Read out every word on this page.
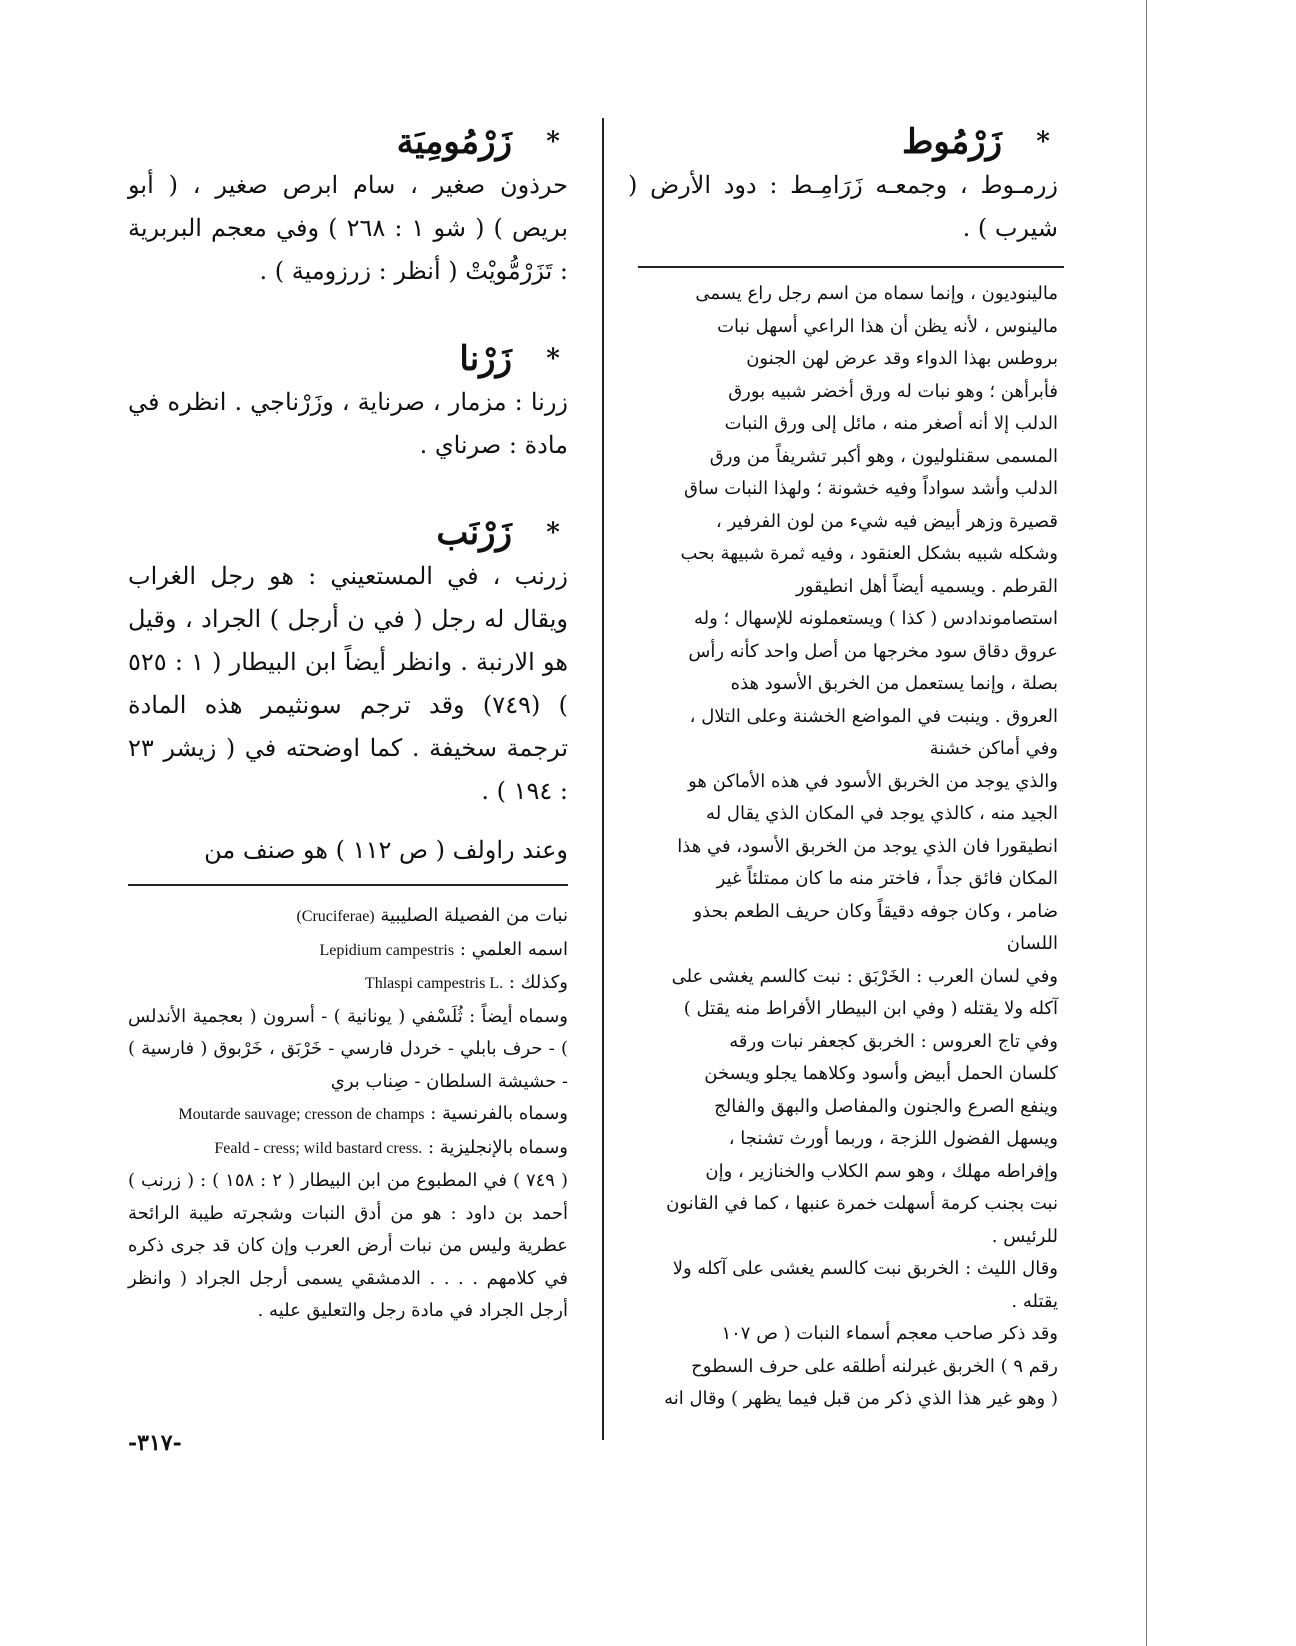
*
زَرْمُوط

زرمـوط ، وجمعـه زَرَامِـط : دود الأرض ( شيرب ) .

مالينوديون ، وإنما سماه من اسم رجل راع يسمى

مالينوس ، لأنه يظن أن هذا الراعي أسهل نبات

بروطس بهذا الدواء وقد عرض لهن الجنون

فأبرأهن ؛ وهو نبات له ورق أخضر شبيه بورق

الدلب إلا أنه أصغر منه ، مائل إلى ورق النبات

المسمى سقنلوليون ، وهو أكبر تشريفاً من ورق

الدلب وأشد سواداً وفيه خشونة ؛ ولهذا النبات ساق

قصيرة وزهر أبيض فيه شيء من لون الفرفير ،

وشكله شبيه بشكل العنقود ، وفيه ثمرة شبيهة بحب

القرطم . ويسميه أيضاً أهل انطيقور

استصاموندادس ( كذا ) ويستعملونه للإسهال ؛ وله

عروق دقاق سود مخرجها من أصل واحد كأنه رأس

بصلة ، وإنما يستعمل من الخربق الأسود هذه

العروق . وينبت في المواضع الخشنة وعلى التلال ،

وفي أماكن خشنة

والذي يوجد من الخربق الأسود في هذه الأماكن هو

الجيد منه ، كالذي يوجد في المكان الذي يقال له

انطيقورا فان الذي يوجد من الخربق الأسود، في هذا

المكان فائق جداً ، فاختر منه ما كان ممتلئاً غير

ضامر ، وكان جوفه دقيقاً وكان حريف الطعم بحذو

اللسان

وفي لسان العرب : الخَرْبَق : نبت كالسم يغشى على

آكله ولا يقتله ( وفي ابن البيطار الأفراط منه يقتل )

وفي تاج العروس : الخربق كجعفر نبات ورقه

كلسان الحمل أبيض وأسود وكلاهما يجلو ويسخن

وينفع الصرع والجنون والمفاصل والبهق والفالج

ويسهل الفضول اللزجة ، وربما أورث تشنجا ،

وإفراطه مهلك ، وهو سم الكلاب والخنازير ، وإن

نبت بجنب كرمة أسهلت خمرة عنبها ، كما في القانون

للرئيس .

وقال الليث : الخربق نبت كالسم يغشى على آكله ولا

يقتله .

وقد ذكر صاحب معجم أسماء النبات ( ص ١٠٧

رقم ٩ ) الخربق غبرلنه أطلقه على حرف السطوح

( وهو غير هذا الذي ذكر من قبل فيما يظهر ) وقال انه

*
زَرْمُومِيَة

حرذون صغير ، سام ابرص صغير ، ( أبو بريص ) ( شو ١ : ٢٦٨ ) وفي معجم البربرية : تَزَرْمُّويْتْ ( أنظر : زرزومية ) .

*
زَرْنا

زرنا : مزمار ، صرناية ، وزَرْناجي . انظره في مادة : صرناي .

*
زَرْنَب

زرنب ، في المستعيني : هو رجل الغراب ويقال له رجل ( في ن أرجل ) الجراد ، وقيل هو الارنبة . وانظر أيضاً ابن البيطار ( ١ : ٥٢٥ ) (٧٤٩) وقد ترجم سونثيمر هذه المادة ترجمة سخيفة . كما اوضحته في ( زيشر ٢٣ : ١٩٤ ) .

وعند راولف ( ص ١١٢ ) هو صنف من

نبات من الفصيلة الصليبية (Cruciferae)

اسمه العلمي : Lepidium campestris

وكذلك : Thlaspi campestris L.

وسماه أيضاً : ثُلَسْفي ( يونانية ) - أسرون ( بعجمية الأندلس ) - حرف بابلي - خردل فارسي - خَرْبَق ، خَرْبوق ( فارسية ) - حشيشة السلطان - صِناب بري

وسماه بالفرنسية : Moutarde sauvage; cresson de champs

وسماه بالإنجليزية : Feald - cress; wild bastard cress.

( ٧٤٩ ) في المطبوع من ابن البيطار ( ٢ : ١٥٨ ) : ( زرنب ) أحمد بن داود : هو من أدق النبات وشجرته طيبة الرائحة عطرية وليس من نبات أرض العرب وإن كان قد جرى ذكره في كلامهم . . . . الدمشقي يسمى أرجل الجراد ( وانظر أرجل الجراد في مادة رجل والتعليق عليه .

-٣١٧-
